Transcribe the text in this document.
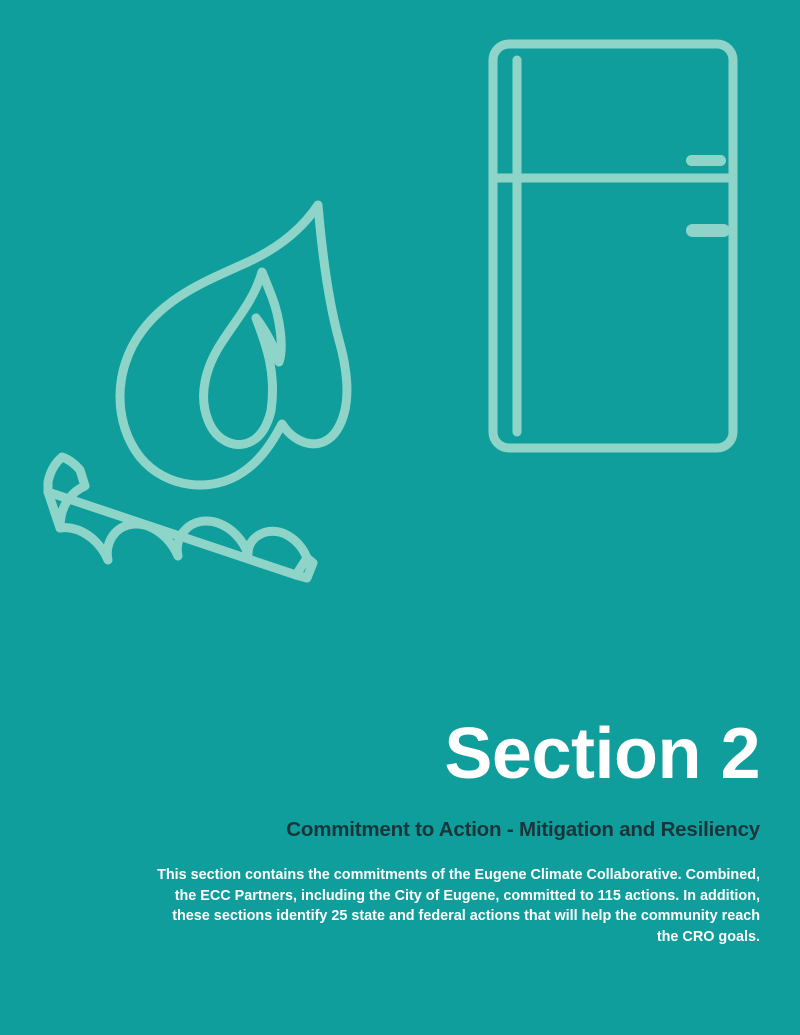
Section 2
Commitment to Action - Mitigation and Resiliency

This section contains the commitments of the Eugene Climate Collaborative. Combined, the ECC Partners, including the City of Eugene, committed to 115 actions. In addition, these sections identify 25 state and federal actions that will help the community reach the CRO goals.
